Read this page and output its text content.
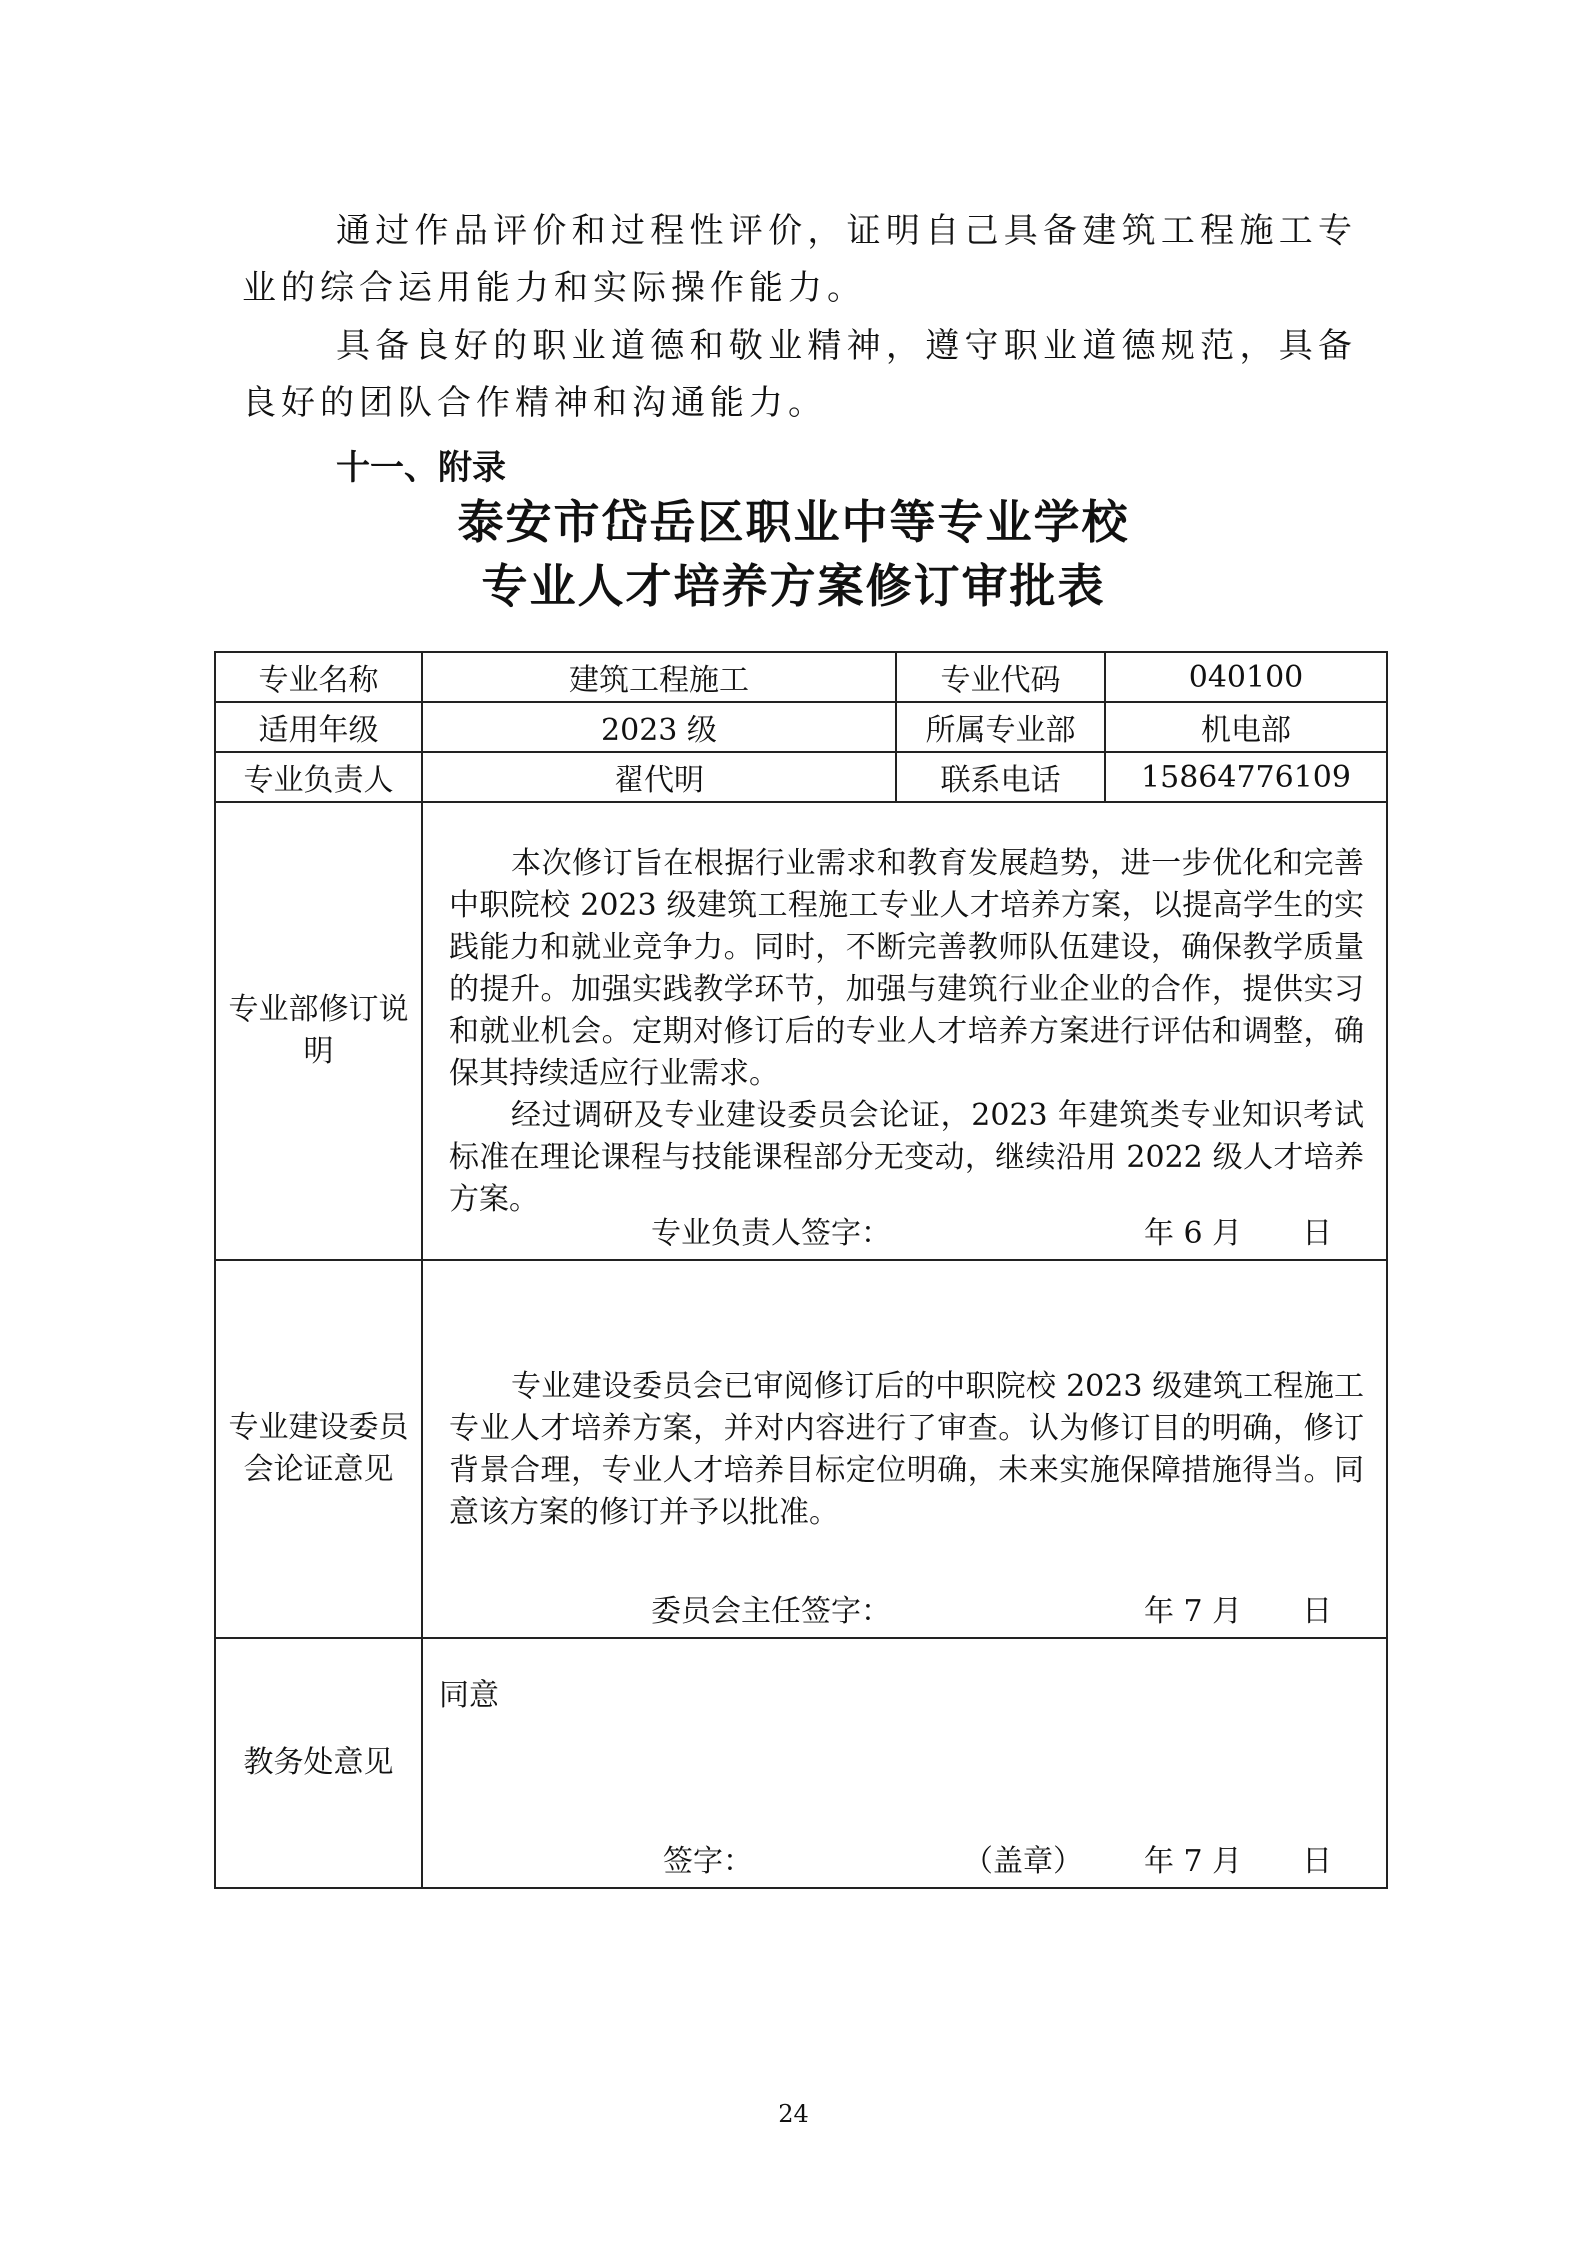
通过作品评价和过程性评价，证明自己具备建筑工程施工专业的综合运用能力和实际操作能力。

具备良好的职业道德和敬业精神，遵守职业道德规范，具备良好的团队合作精神和沟通能力。

十一、附录
泰安市岱岳区职业中等专业学校
专业人才培养方案修订审批表
专业名称	建筑工程施工	专业代码	040100
适用年级	2023 级	所属专业部	机电部
专业负责人	翟代明	联系电话	15864776109
专业部修订说明	本次修订旨在根据行业需求和教育发展趋势，进一步优化和完善中职院校 2023 级建筑工程施工专业人才培养方案，以提高学生的实践能力和就业竞争力。同时，不断完善教师队伍建设，确保教学质量的提升。加强实践教学环节，加强与建筑行业企业的合作，提供实习和就业机会。定期对修订后的专业人才培养方案进行评估和调整，确保其持续适应行业需求。

经过调研及专业建设委员会论证，2023 年建筑类专业知识考试标准在理论课程与技能课程部分无变动，继续沿用 2022 级人才培养方案。

专业负责人签字： 年 6 月　　日		

专业建设委员会论证意见	专业建设委员会已审阅修订后的中职院校 2023 级建筑工程施工专业人才培养方案，并对内容进行了审查。认为修订目的明确，修订背景合理，专业人才培养目标定位明确，未来实施保障措施得当。同意该方案的修订并予以批准。

委员会主任签字： 年 7 月　　日		

教务处意见	同意
签字： （盖章） 年 7 月　　日		
24
